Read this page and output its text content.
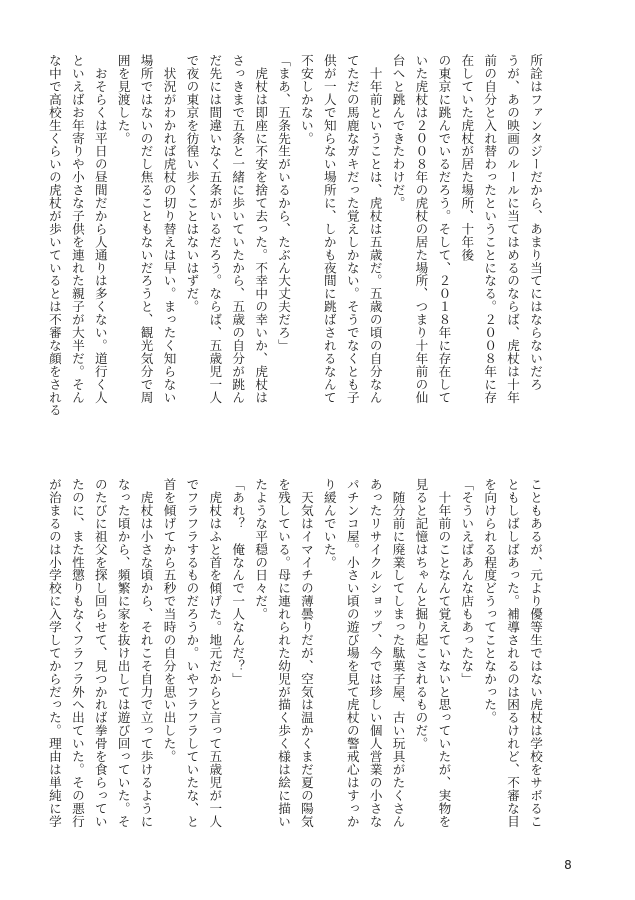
所詮はファンタジーだから、あまり当てにはならないだろ

うが、あの映画のルールに当てはめるのならば、虎杖は十年

前の自分と入れ替わったということになる。２００８年に存

在していた虎杖が居た場所、十年後

の東京に跳んでいるだろう。そして、２０１８年に存在して

いた虎杖は２００８年の虎杖の居た場所、つまり十年前の仙

台へと跳んできたわけだ。

　十年前ということは、虎杖は五歳だ。五歳の頃の自分なん

てただの馬鹿なガキだった覚えしかない。そうでなくとも子

供が一人で知らない場所に、しかも夜間に跳ばされるなんて

不安しかない。

「まあ、五条先生がいるから、たぶん大丈夫だろ」

　虎杖は即座に不安を捨て去った。不幸中の幸いか、虎杖は

さっきまで五条と一緒に歩いていたから、五歳の自分が跳ん

だ先には間違いなく五条がいるだろう。ならば、五歳児一人

で夜の東京を彷徨い歩くことはないはずだ。

　状況がわかれば虎杖の切り替えは早い。まったく知らない

場所ではないのだし焦ることもないだろうと、観光気分で周

囲を見渡した。

　おそらくは平日の昼間だから人通りは多くない。道行く人

といえばお年寄りや小さな子供を連れた親子が大半だ。そん

な中で高校生くらいの虎杖が歩いているとは不審な顔をされる

こともあるが、元より優等生ではない虎杖は学校をサボるこ

ともしばしばあった。補導されるのは困るけれど、不審な目

を向けられる程度どうってことなかった。

「そういえばあんな店もあったな」

　十年前のことなんて覚えていないと思っていたが、実物を

見ると記憶はちゃんと掘り起こされるものだ。

　随分前に廃業してしまった駄菓子屋、古い玩具がたくさん

あったリサイクルショップ、今では珍しい個人営業の小さな

パチンコ屋。小さい頃の遊び場を見て虎杖の警戒心はすっか

り緩んでいた。

　天気はイマイチの薄曇りだが、空気は温かくまだ夏の陽気

を残している。母に連れられた幼児が描く歩く様は絵に描い

たような平穏の日々だ。

「あれ？　俺なんで一人なんだ？」

　虎杖はふと首を傾げた。地元だからと言って五歳児が一人

でフラフラするものだろうか。いやフラフラしていたな、と

首を傾げてから五秒で当時の自分を思い出した。

　虎杖は小さな頃から、それこそ自力で立って歩けるように

なった頃から、頻繁に家を抜け出しては遊び回っていた。そ

のたびに祖父を探し回らせて、見つかれば拳骨を食らってい

たのに、また性懲りもなくフラフラ外へ出ていた。その悪行

が治まるのは小学校に入学してからだった。理由は単純に学

8
